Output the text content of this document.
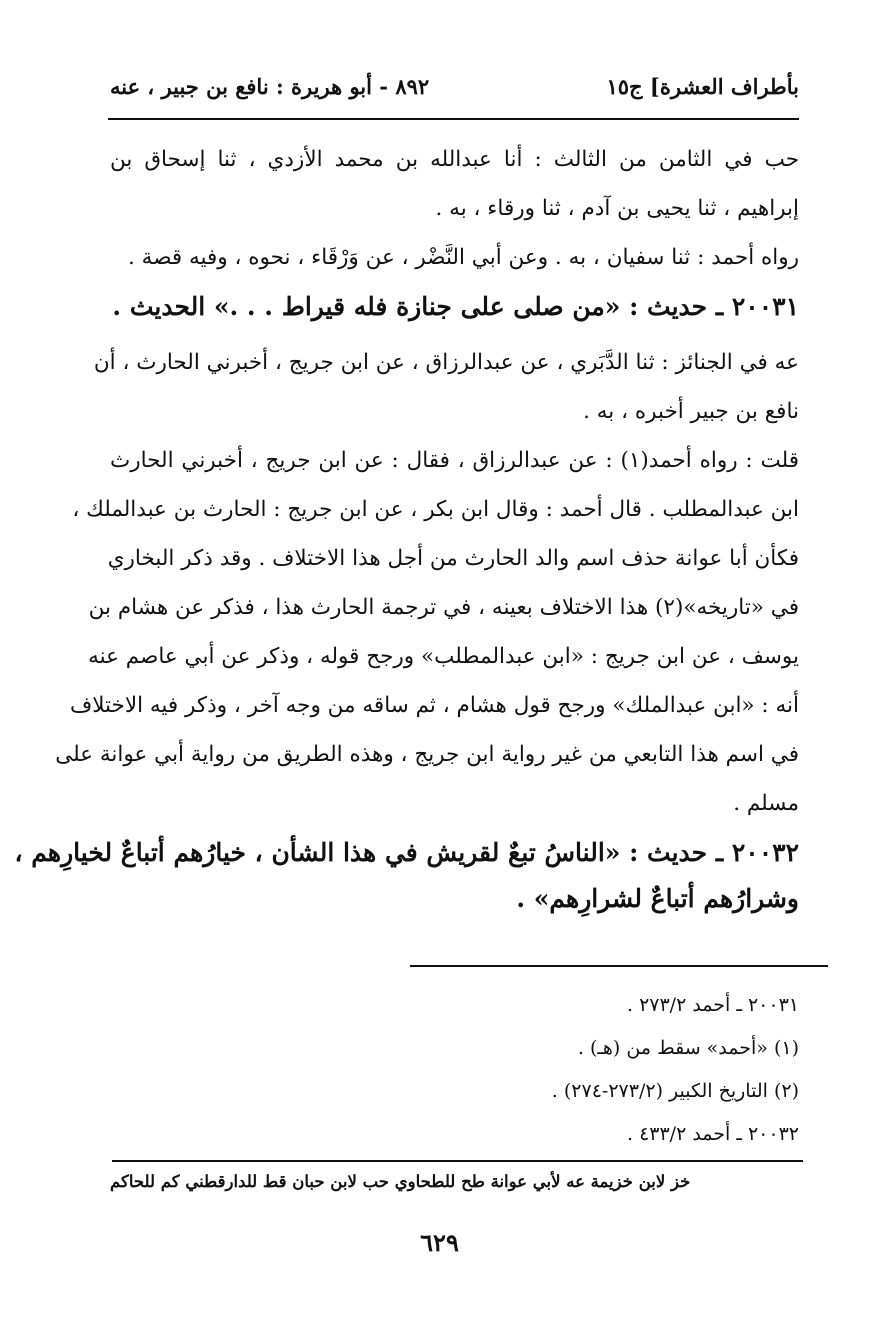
بأطراف العشرة] ج١٥
٨٩٢ - أبو هريرة : نافع بن جبير ، عنه
حب في الثامن من الثالث : أنا عبدالله بن محمد الأزدي ، ثنا إسحاق بن
إبراهيم ، ثنا يحيى بن آدم ، ثنا ورقاء ، به .
رواه أحمد : ثنا سفيان ، به . وعن أبي النَّضْر ، عن وَرْقَاء ، نحوه ، وفيه قصة .
٢٠٠٣١ ـ حديث : «من صلى على جنازة فله قيراط . . .» الحديث .
عه في الجنائز : ثنا الدَّبَري ، عن عبدالرزاق ، عن ابن جريج ، أخبرني الحارث ، أن
نافع بن جبير أخبره ، به .
قلت : رواه أحمد(١) : عن عبدالرزاق ، فقال : عن ابن جريج ، أخبرني الحارث
ابن عبدالمطلب . قال أحمد : وقال ابن بكر ، عن ابن جريج : الحارث بن عبدالملك ،
فكأن أبا عوانة حذف اسم والد الحارث من أجل هذا الاختلاف . وقد ذكر البخاري
في «تاريخه»(٢) هذا الاختلاف بعينه ، في ترجمة الحارث هذا ، فذكر عن هشام بن
يوسف ، عن ابن جريج : «ابن عبدالمطلب» ورجح قوله ، وذكر عن أبي عاصم عنه
أنه : «ابن عبدالملك» ورجح قول هشام ، ثم ساقه من وجه آخر ، وذكر فيه الاختلاف
في اسم هذا التابعي من غير رواية ابن جريج ، وهذه الطريق من رواية أبي عوانة على
مسلم .
٢٠٠٣٢ ـ حديث : «الناسُ تبعٌ لقريش في هذا الشأن ، خيارُهم أتباعٌ لخيارِهم ،
وشرارُهم أتباعٌ لشرارِهم» .
٢٠٠٣١ ـ أحمد ٢٧٣/٢ .
(١) «أحمد» سقط من (هـ) .
(٢) التاريخ الكبير (٢٧٣/٢-٢٧٤) .
٢٠٠٣٢ ـ أحمد ٤٣٣/٢ .
خز لابن خزيمة عه لأبي عوانة طح للطحاوي حب لابن حبان قط للدارقطني كم للحاكم
٦٢٩
